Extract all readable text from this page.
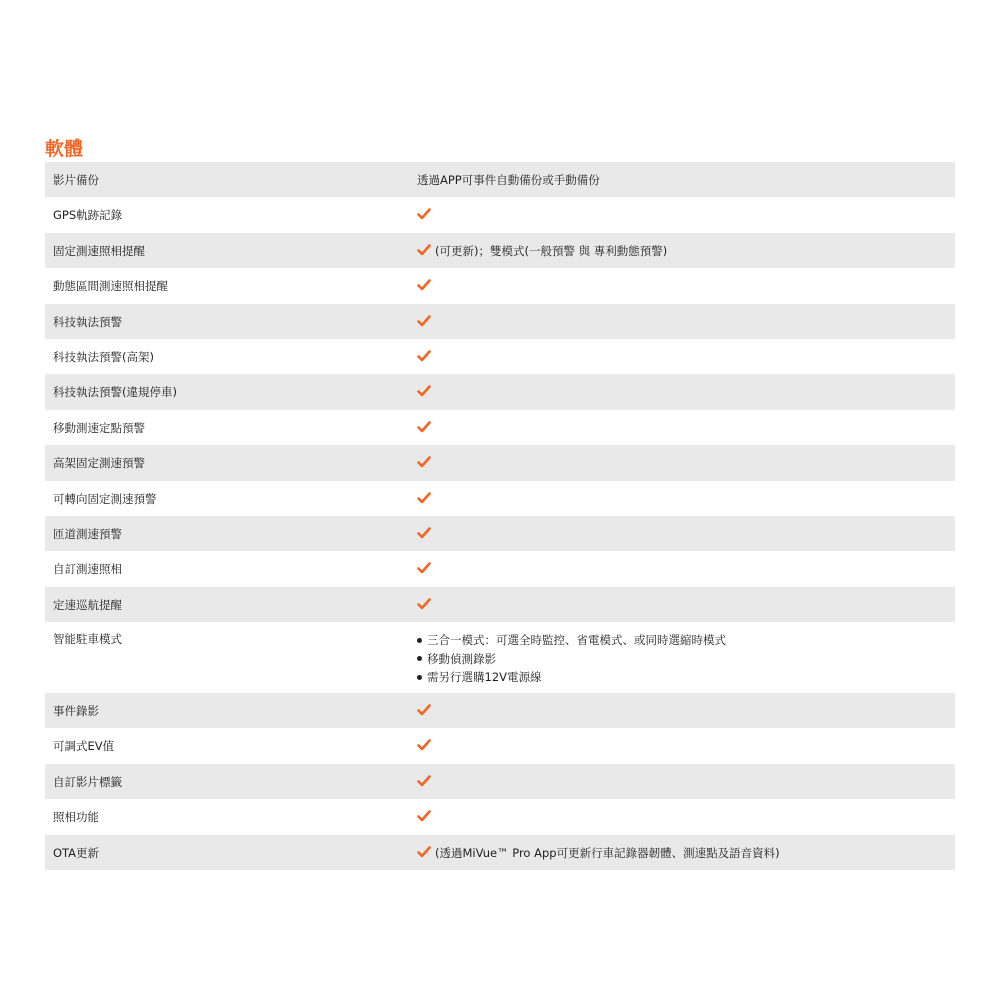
軟體
影片備份	透過APP可事件自動備份或手動備份
GPS軌跡記錄
固定測速照相提醒	(可更新)；雙模式(一般預警 與 專利動態預警)
動態區間測速照相提醒
科技執法預警
科技執法預警(高架)
科技執法預警(違規停車)
移動測速定點預警
高架固定測速預警
可轉向固定測速預警
匝道測速預警
自訂測速照相
定速巡航提醒
智能駐車模式	三合一模式：可選全時監控、省電模式、或同時選縮時模式
移動偵測錄影
需另行選購12V電源線
事件錄影
可調式EV值
自訂影片標籤
照相功能
OTA更新	(透過MiVue™ Pro App可更新行車記錄器韌體、測速點及語音資料)
